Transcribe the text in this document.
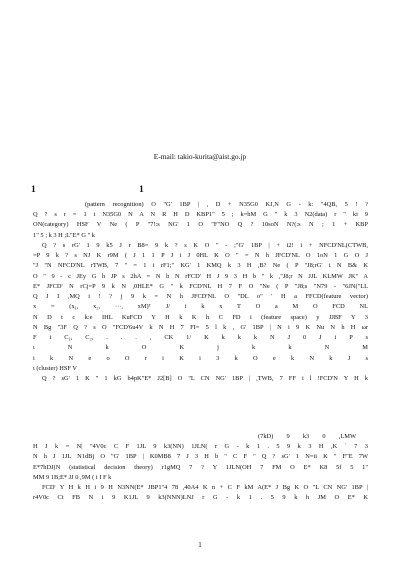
E-mail: takio-kurita@aist.go.jp
1	1
(pattern recognition) O "G' 1BP | , D + N35G0 KJ,N G - k: "4QB, 5 ! ?
Q ? s r = 1 i N35G0 N A N R H D KBP1" 5 ; k=hM G " k 3 N2(data) r " ki 9
ON(category) HSF V Ne ( P "7!:s NG' 1 O "F"NO Q ? 10soN N?(:s N ; 1 + KBP
1" 5 ; k 3 H ;L"E* G " k
Q ? s rG' 1 9 k5 J r B8= 9 k ? s K O " - ;"G' 1BP | + i2! i + NFCD'NL(CTWB,
=P 9 k ? s NJ K r9M ( J 1 1 P J i J 0HL K O " = N h JFCD'NL O 1oN 1 G O J
"J "N NFCD'NL rTWB, 7 " = 1 i rF1;" KG' 1 KMQ k 3 H ,B? Ne ( P "J8;rG' i N B& K
O " 9 - c JEy G h JP s 2hA = N b N rFCD' H J 9 3 H b " k ,"J8;r N JJL KLMW JK" A
E* JFCD' N rCj=P 9 k N ,0HLE* G " k FCD'NL H 7 F O "Ne ( P "J8;s "N79 - "6JN("LL
Q J I ,MQ i ! ? j 9 k = N h JFCD'NL O "DL o" ' H a FFCD(feature vector)
x = (x₁, x₂, ···, xM)ᵀ J/ i k x T O a M O FCD NL
N D t c k:e IHL KuFCD Y H k K h C FD i (feature space) y JJBF Y 3
N Bg "3F Q ? s O "FCD'6u4V k N H 7 FI= 5 l k , G' 1BP | N i 9 K Nu N h H ωr
F i C₁, C₂, . . . , CK 1/ K k k k N J 0 J i P s
ι N k O K j k k N M
i k N e o O r i K i 3 k O e k N k J s
ι (cluster) HSF V
Q ? sG' 1 K " 1 kG b4pK"E* J2[B] O "L CN NG' 1BP | ,TWB, 7 FF i l !FCD'N Y H k
(7kD) 9 k3 0 ,LMW
H J k = N| "4V0c C F 1JL 9 k3(NN) 1JLN( r G - k 1 . 5 9 k 3 H ,K ` 7 3
N h J 1JL N1dBj O "G' 1BP | K0MB8 7 J 3 H b " C F " Q ? sG' 1 N=ii K " F"E 7W
E*7hDJ(N (statistical decision theory) r1gMQ 7 ? Y 1JLN(OH 7 FM O E* K8 5f 5 1"
MM 9 1B;E* JJ 0 ,9M ( i I F k
FCD' Y H k H i 9 H N3NN(E* JBP1"4 78 ,40A4 K n + C F kM A(E* J Bg K O "L CN NG' 1BP |
r4V0c Ct FB N i 9 K1JL 9 k3(NNN)LNJ r G - k 1 . 5 9 k h JM O E* K
1
